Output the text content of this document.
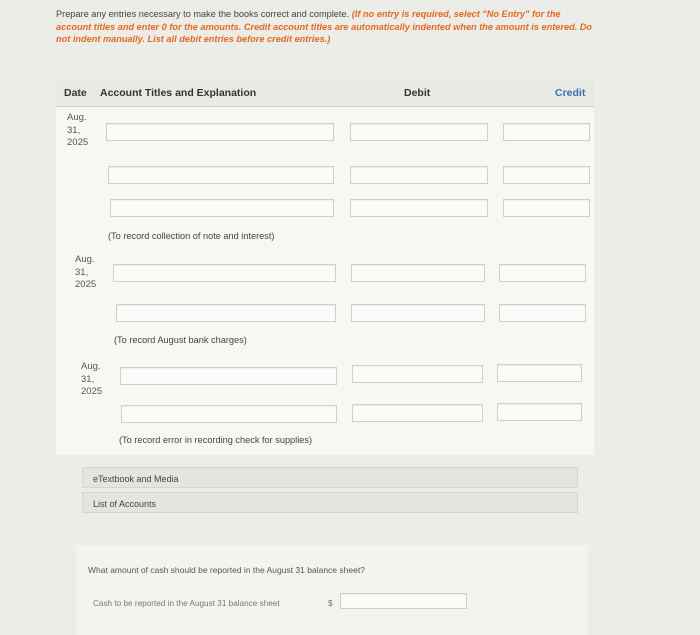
Prepare any entries necessary to make the books correct and complete. (If no entry is required, select "No Entry" for the account titles and enter 0 for the amounts. Credit account titles are automatically indented when the amount is entered. Do not indent manually. List all debit entries before credit entries.)
Date Account Titles and Explanation	Debit	Credit
Aug.
31,
2025
(To record collection of note and interest)
Aug.
31,
2025
(To record August bank charges)
Aug.
31,
2025
(To record error in recording check for supplies)
eTextbook and Media
List of Accounts
What amount of cash should be reported in the August 31 balance sheet?
Cash to be reported in the August 31 balance sheet	$
